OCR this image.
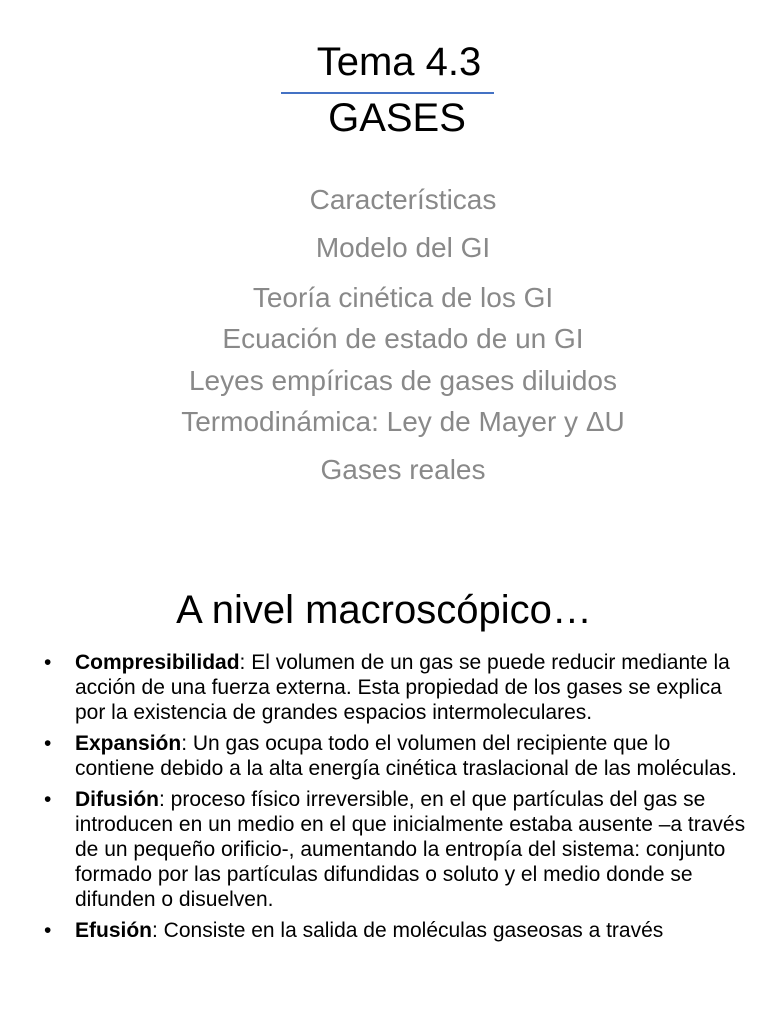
Tema 4.3
GASES
Características
Modelo del GI
Teoría cinética de los GI
Ecuación de estado de un GI
Leyes empíricas de gases diluidos
Termodinámica: Ley de Mayer y ΔU
Gases reales
A nivel macroscópico…
• Compresibilidad: El volumen de un gas se puede reducir mediante la acción de una fuerza externa. Esta propiedad de los gases se explica por la existencia de grandes espacios intermoleculares.
• Expansión: Un gas ocupa todo el volumen del recipiente que lo contiene debido a la alta energía cinética traslacional de las moléculas.
• Difusión: proceso físico irreversible, en el que partículas del gas se introducen en un medio en el que inicialmente estaba ausente –a través de un pequeño orificio-, aumentando la entropía del sistema: conjunto formado por las partículas difundidas o soluto y el medio donde se difunden o disuelven.
• Efusión: Consiste en la salida de moléculas gaseosas a través
